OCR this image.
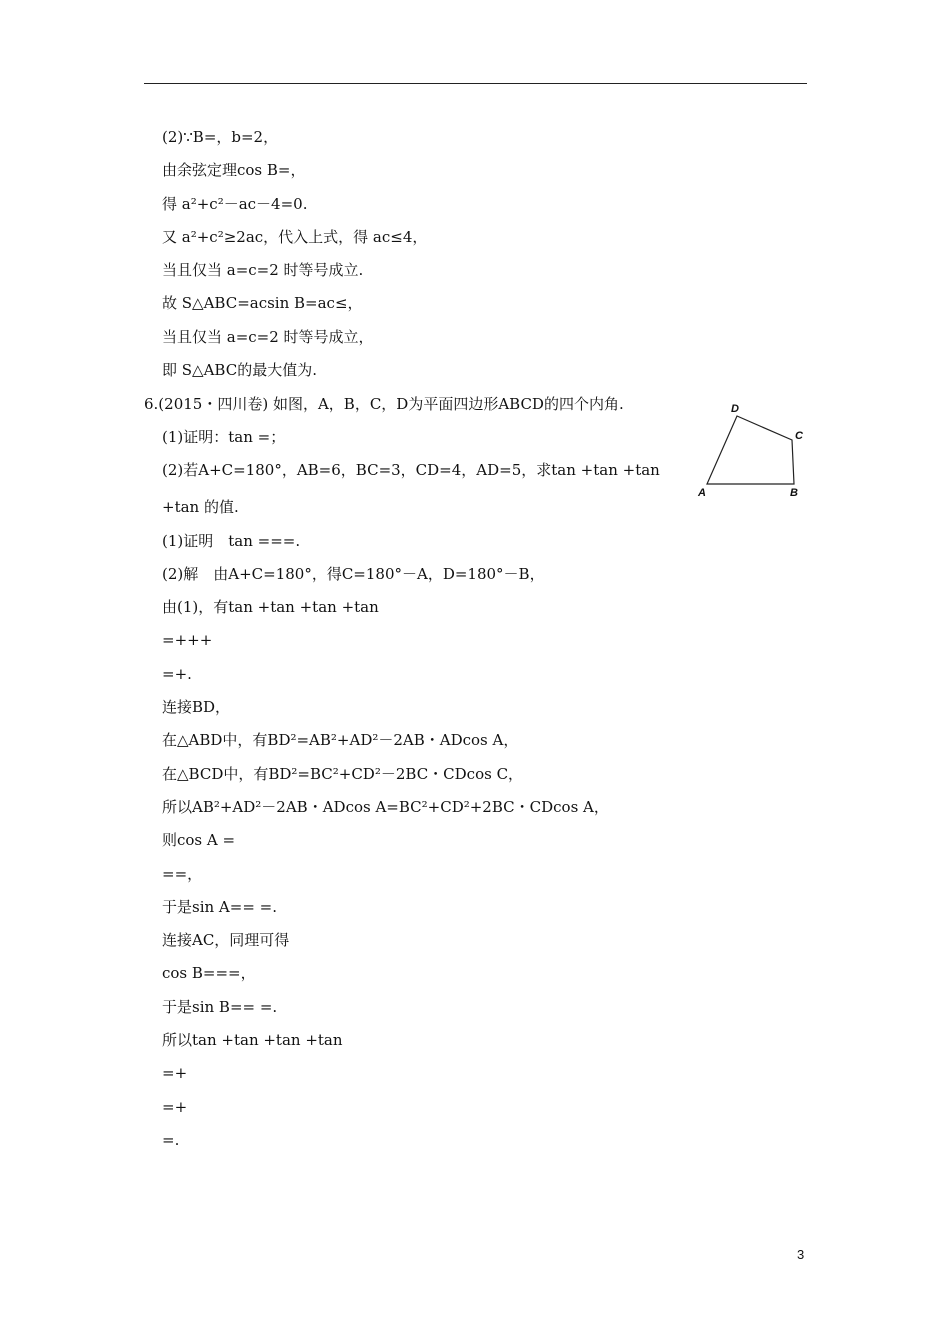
(2)∵B=，b=2，
由余弦定理cos B=，
得 a²+c²－ac－4=0.
又 a²+c²≥2ac，代入上式，得 ac≤4，
当且仅当 a=c=2 时等号成立.
故 S△ABC=acsin B=ac≤，
当且仅当 a=c=2 时等号成立，
即 S△ABC的最大值为.
6.(2015・四川卷) 如图，A，B，C，D为平面四边形ABCD的四个内角.
(1)证明：tan =；
(2)若A+C=180°，AB=6，BC=3，CD=4，AD=5，求tan +tan +tan
+tan 的值.
(1)证明　tan ===.
(2)解　由A+C=180°，得C=180°－A，D=180°－B，
由(1)，有tan +tan +tan +tan
=+++
=+.
连接BD，
在△ABD中，有BD²=AB²+AD²－2AB・ADcos A，
在△BCD中，有BD²=BC²+CD²－2BC・CDcos C，
所以AB²+AD²－2AB・ADcos A=BC²+CD²+2BC・CDcos A，
则cos A =
==，
于是sin A== =.
连接AC，同理可得
cos B===，
于是sin B== =.
所以tan +tan +tan +tan
=+
=+
=.
A	B
C
D
3
